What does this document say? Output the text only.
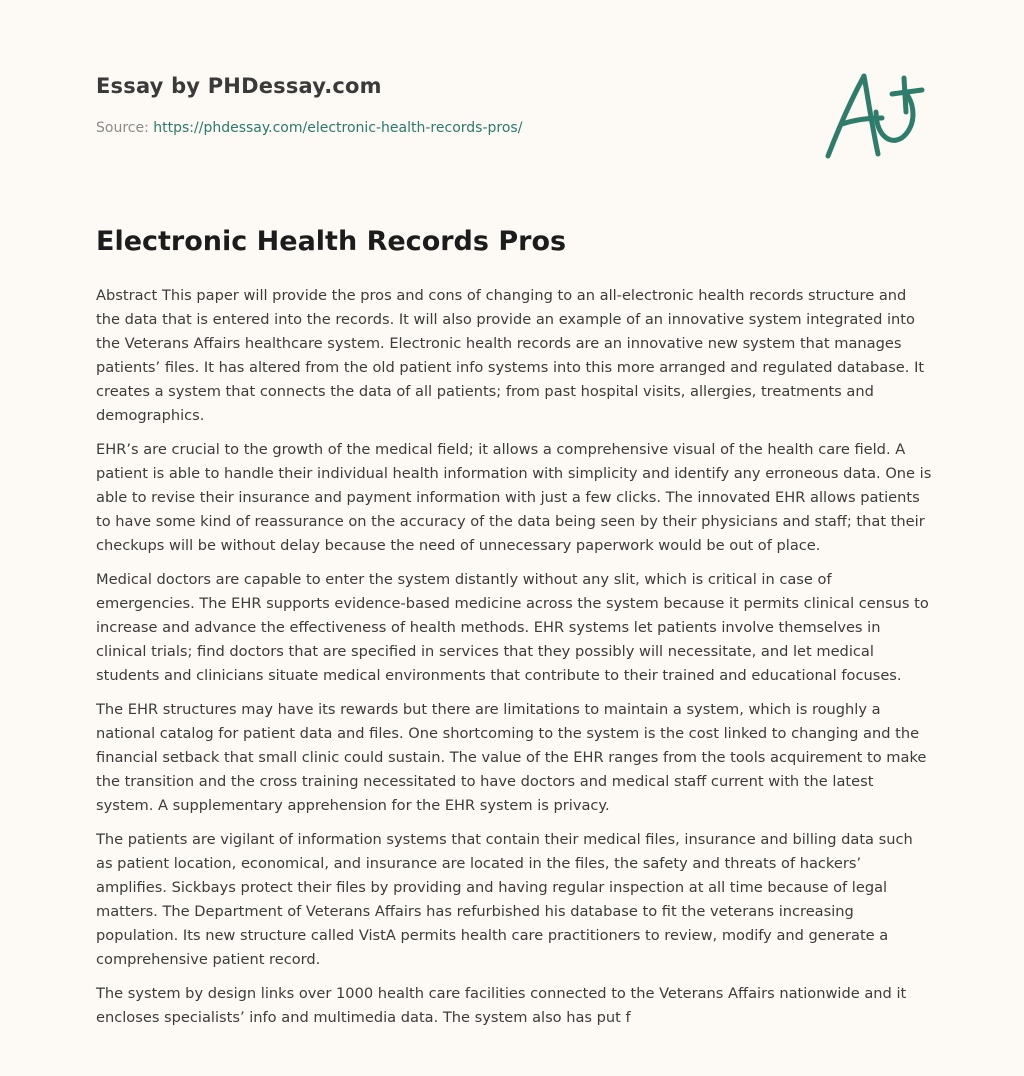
Essay by PHDessay.com
Source: https://phdessay.com/electronic-health-records-pros/
Electronic Health Records Pros

Abstract This paper will provide the pros and cons of changing to an all-electronic health records structure and the data that is entered into the records. It will also provide an example of an innovative system integrated into the Veterans Affairs healthcare system. Electronic health records are an innovative new system that manages patients’ files. It has altered from the old patient info systems into this more arranged and regulated database. It creates a system that connects the data of all patients; from past hospital visits, allergies, treatments and demographics.

EHR’s are crucial to the growth of the medical field; it allows a comprehensive visual of the health care field. A patient is able to handle their individual health information with simplicity and identify any erroneous data. One is able to revise their insurance and payment information with just a few clicks. The innovated EHR allows patients to have some kind of reassurance on the accuracy of the data being seen by their physicians and staff; that their checkups will be without delay because the need of unnecessary paperwork would be out of place.

Medical doctors are capable to enter the system distantly without any slit, which is critical in case of emergencies. The EHR supports evidence-based medicine across the system because it permits clinical census to increase and advance the effectiveness of health methods. EHR systems let patients involve themselves in clinical trials; find doctors that are specified in services that they possibly will necessitate, and let medical students and clinicians situate medical environments that contribute to their trained and educational focuses.

The EHR structures may have its rewards but there are limitations to maintain a system, which is roughly a national catalog for patient data and files. One shortcoming to the system is the cost linked to changing and the financial setback that small clinic could sustain. The value of the EHR ranges from the tools acquirement to make the transition and the cross training necessitated to have doctors and medical staff current with the latest system. A supplementary apprehension for the EHR system is privacy.

The patients are vigilant of information systems that contain their medical files, insurance and billing data such as patient location, economical, and insurance are located in the files, the safety and threats of hackers’ amplifies. Sickbays protect their files by providing and having regular inspection at all time because of legal matters. The Department of Veterans Affairs has refurbished his database to fit the veterans increasing population. Its new structure called VistA permits health care practitioners to review, modify and generate a comprehensive patient record.

The system by design links over 1000 health care facilities connected to the Veterans Affairs nationwide and it encloses specialists’ info and multimedia data. The system also has put f
